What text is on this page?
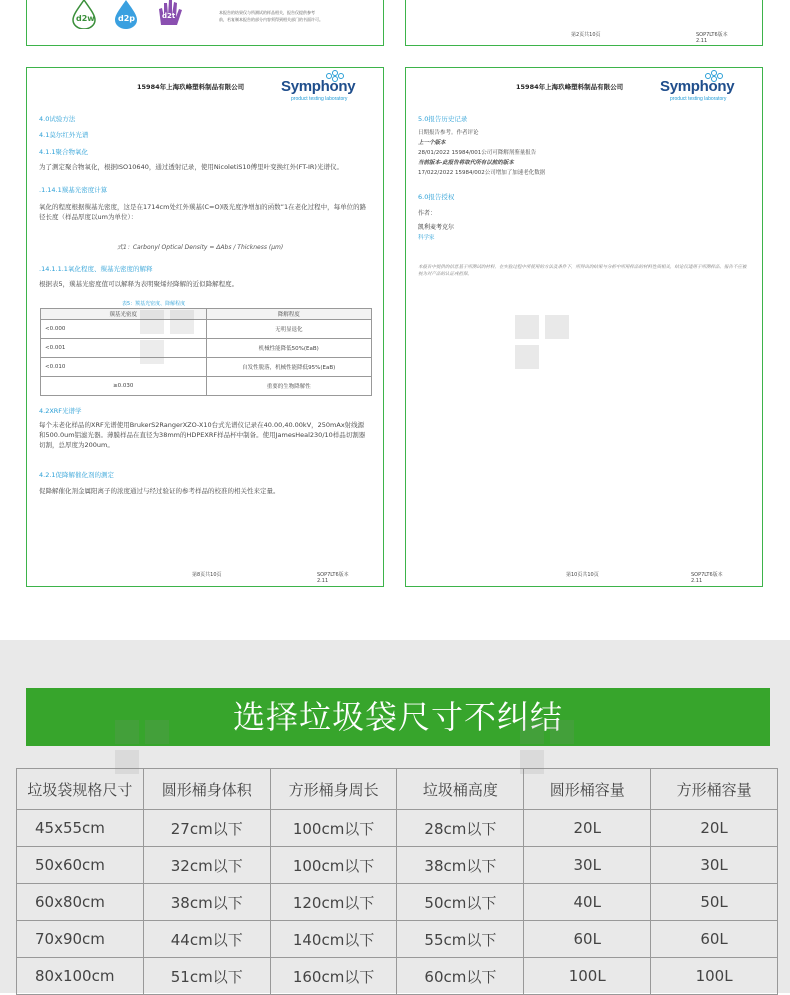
d2w	d2p	d2t	本报告的结果仅与所测试的样品相关，报告仅提供参考
前，若复制本报告的部分内容须得到相关部门的书面许可。
第2页共10页	SOP7LT6版本
2.11
15984年上海玖峰塑料制品有限公司 Symphony
product testing laboratory
4.0试验方法
4.1莫尔红外光谱
4.1.1聚合物氧化
为了测定聚合物氧化，根据ISO10640，通过透射记录，使用NicoletiS10傅里叶变换红外(FT-IR)光谱仪。
.1.14.1羰基光密度计算
氧化的程度根据羰基光密度，这是在1714cm处红外羰基(C=O)吸光度净增加的函数”1在老化过程中，每单位的路径长度（样品厚度以um为单位）：
式1：Carbonyl Optical Density = ΔAbs / Thickness (μm)
.14.1.1.1氧化程度、羰基光密度的解释
根据表5，羰基光密度值可以解释为表明聚烯烃降解的近似降解程度。
表5：羰基光密度、降解程度
羰基光密度	降解程度
<0.000	无明显退化
<0.001	机械性能降低50%(EaB)
<0.010	自发性脱落，机械性能降低95%(EaB)
≥0.030	重要的生物降解性
4.2XRF光谱学
每个未老化样品的XRF光谱使用BrukerS2RangerXZO-X10台式光谱仪记录在40.00,40.00kV，250mAx射线源和500.0um铝滤光器。薄膜样品在直径为38mm的HDPEXRF样品杯中制备。使用JamesHeal230/10样品切割器切割，总厚度为200um。
4.2.1促降解催化剂的测定
促降解催化剂金属阳离子的浓度通过与经过验证的参考样品的校准的相关性来定量。
第8页共10页	SOP7LT6版本
2.11
15984年上海玖峰塑料制品有限公司 Symphony
product testing laboratory
5.0报告历史记录
日期报告参考。作者评论
上一个版本
28/01/2022 15984/001公司可降解剂鉴量报告
当前版本-此报告将取代所有以前的版本
17/022/2022 15984/002公司增加了加速老化数据
6.0报告授权
作者：
凯利麦考克尔
科学家
本报告中提供的信息基于所测试的材料，在实验过程中所使用的方法及条件下，所得出的结果与分析中所用样品的材料性质相关，结论仅适用于所测样品，报告不应被视为对产品的认证或担保。
第10页共10页	SOP7LT6版本
2.11
选择垃圾袋尺寸不纠结
垃圾袋规格尺寸	圆形桶身体积	方形桶身周长	垃圾桶高度	圆形桶容量	方形桶容量
45x55cm	27cm以下	100cm以下	28cm以下	20L	20L
50x60cm	32cm以下	100cm以下	38cm以下	30L	30L
60x80cm	38cm以下	120cm以下	50cm以下	40L	50L
70x90cm	44cm以下	140cm以下	55cm以下	60L	60L
80x100cm	51cm以下	160cm以下	60cm以下	100L	100L
